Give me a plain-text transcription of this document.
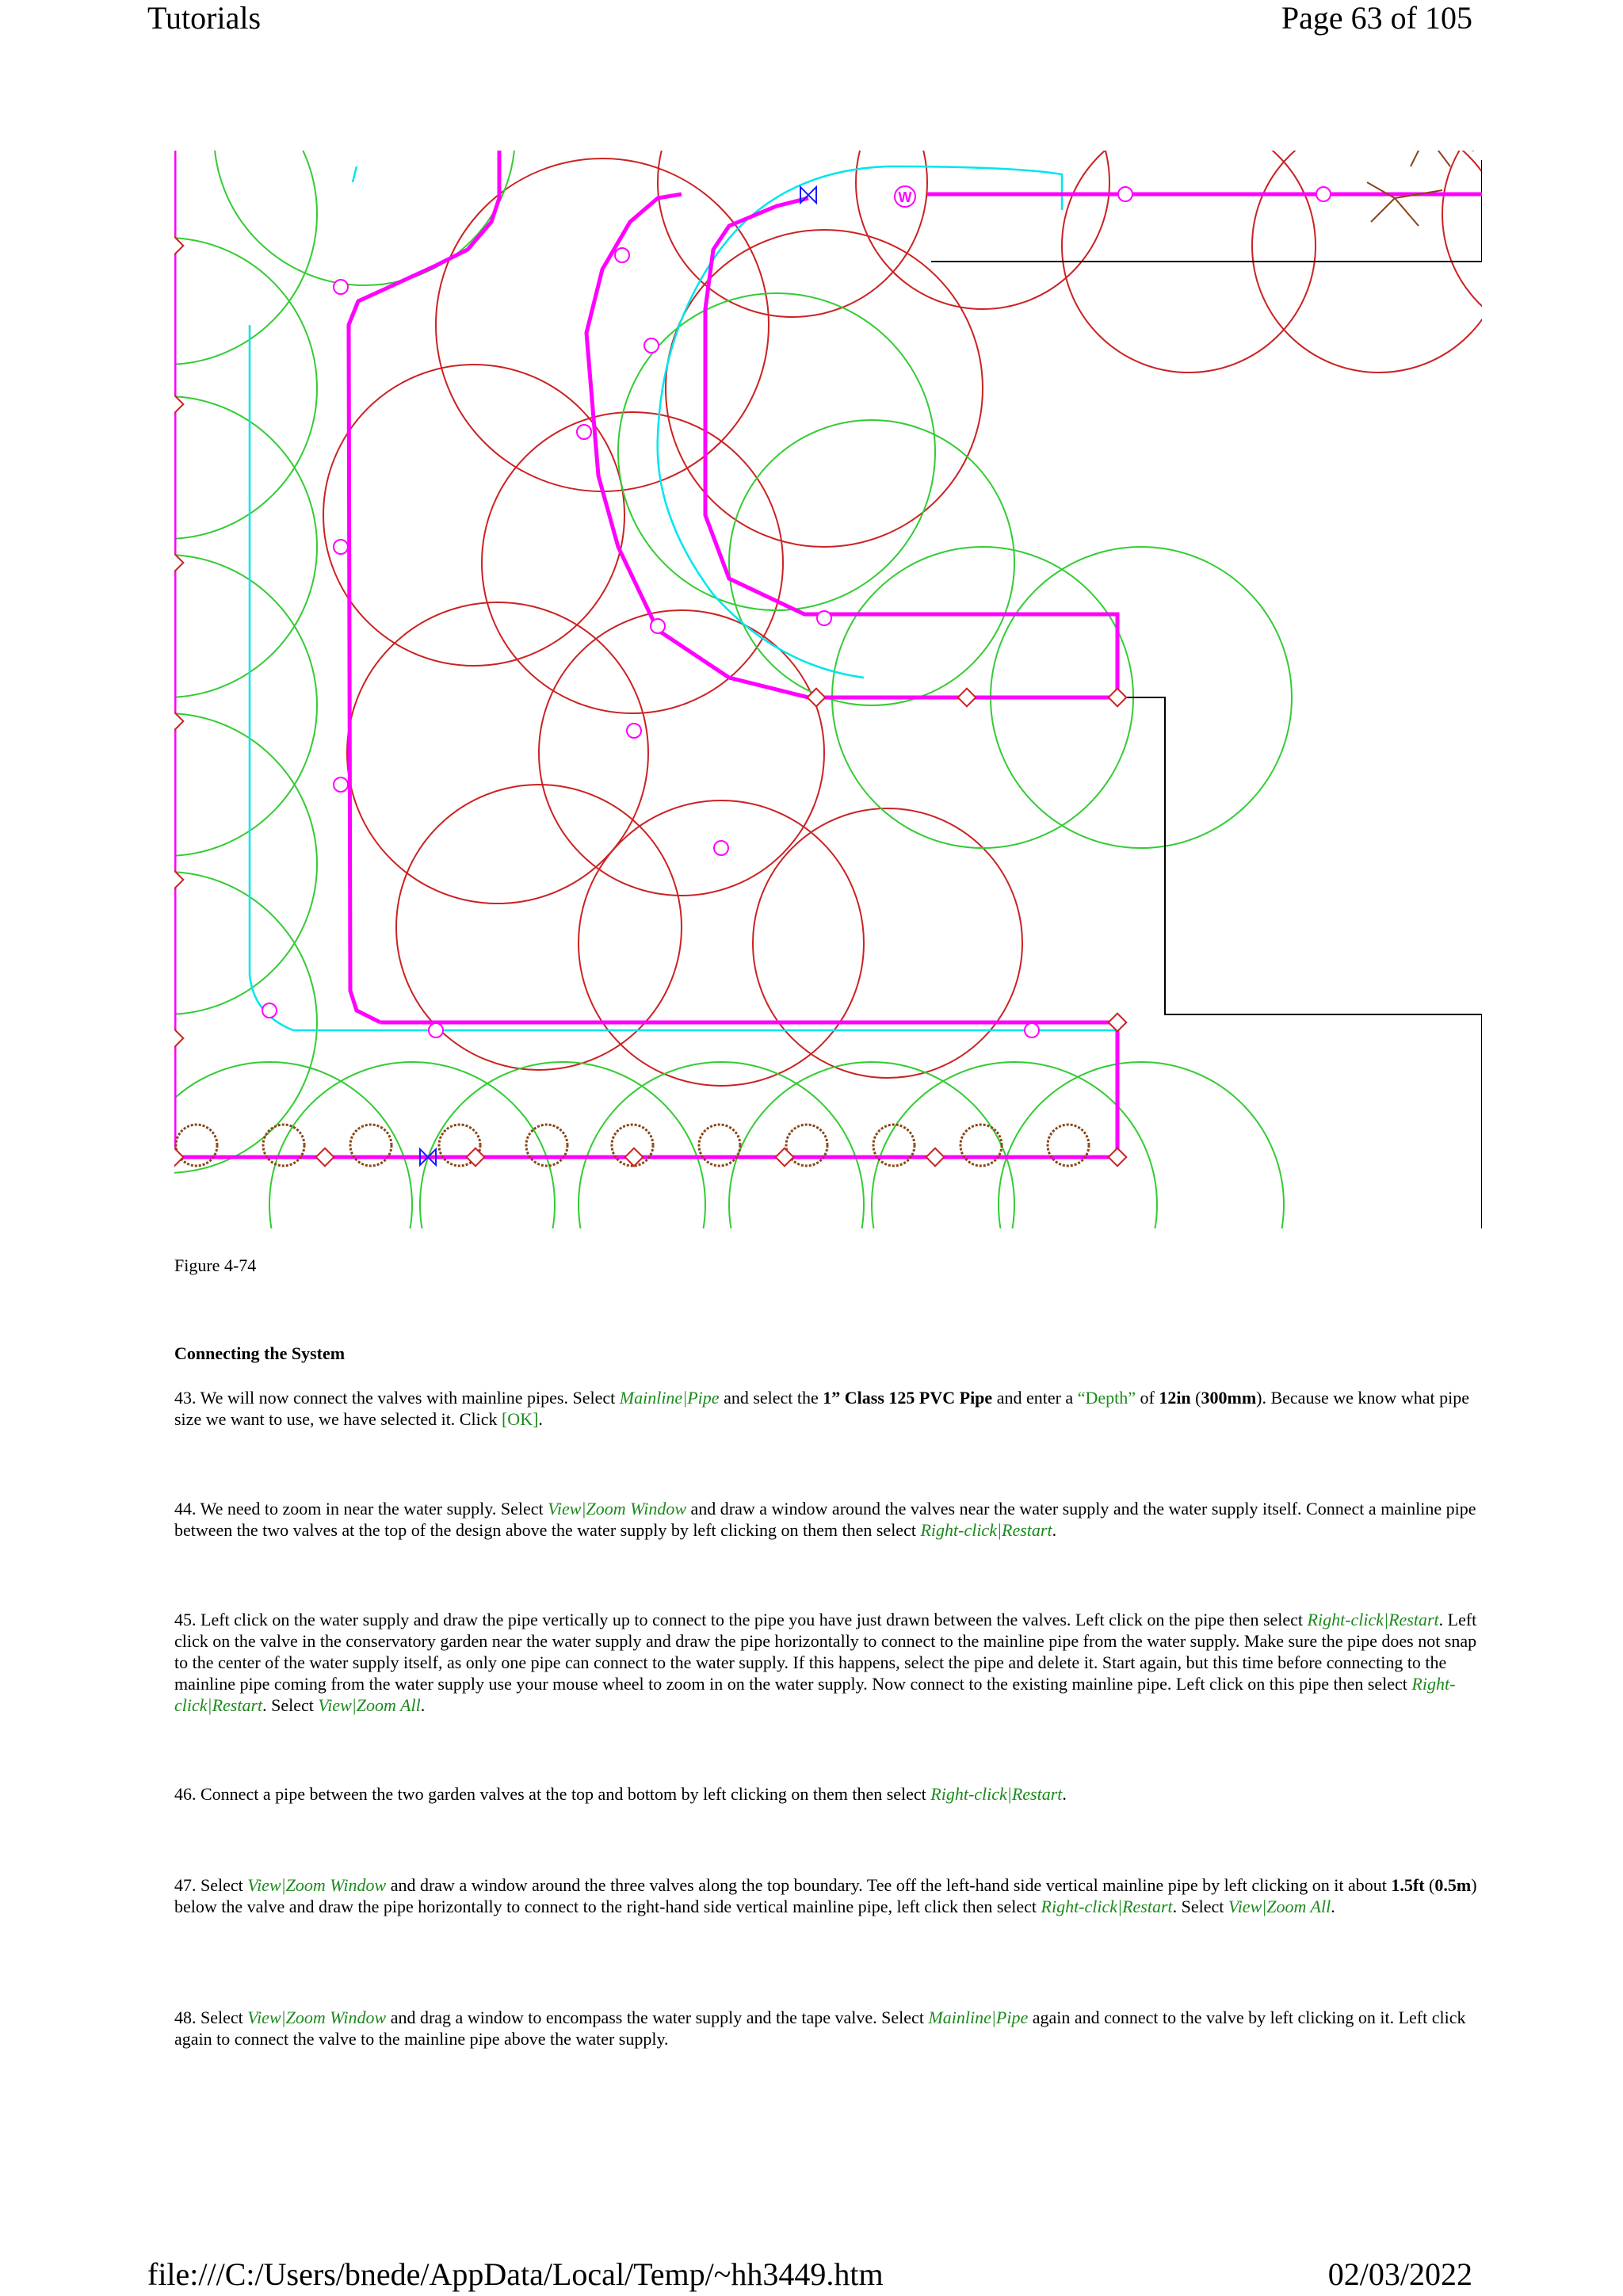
Tutorials	Page 63 of 105
W
Figure 4-74
Connecting the System
43. We will now connect the valves with mainline pipes. Select Mainline|Pipe and select the 1” Class 125 PVC Pipe and enter a “Depth” of 12in (300mm). Because we know what pipe size we want to use, we have selected it. Click [OK].
44. We need to zoom in near the water supply. Select View|Zoom Window and draw a window around the valves near the water supply and the water supply itself. Connect a mainline pipe between the two valves at the top of the design above the water supply by left clicking on them then select Right-click|Restart.
45. Left click on the water supply and draw the pipe vertically up to connect to the pipe you have just drawn between the valves. Left click on the pipe then select Right-click|Restart. Left click on the valve in the conservatory garden near the water supply and draw the pipe horizontally to connect to the mainline pipe from the water supply. Make sure the pipe does not snap to the center of the water supply itself, as only one pipe can connect to the water supply. If this happens, select the pipe and delete it. Start again, but this time before connecting to the mainline pipe coming from the water supply use your mouse wheel to zoom in on the water supply. Now connect to the existing mainline pipe. Left click on this pipe then select Right-click|Restart. Select View|Zoom All.
46. Connect a pipe between the two garden valves at the top and bottom by left clicking on them then select Right-click|Restart.
47. Select View|Zoom Window and draw a window around the three valves along the top boundary. Tee off the left-hand side vertical mainline pipe by left clicking on it about 1.5ft (0.5m) below the valve and draw the pipe horizontally to connect to the right-hand side vertical mainline pipe, left click then select Right-click|Restart. Select View|Zoom All.
48. Select View|Zoom Window and drag a window to encompass the water supply and the tape valve. Select Mainline|Pipe again and connect to the valve by left clicking on it. Left click again to connect the valve to the mainline pipe above the water supply.
file:///C:/Users/bnede/AppData/Local/Temp/~hh3449.htm	02/03/2022
